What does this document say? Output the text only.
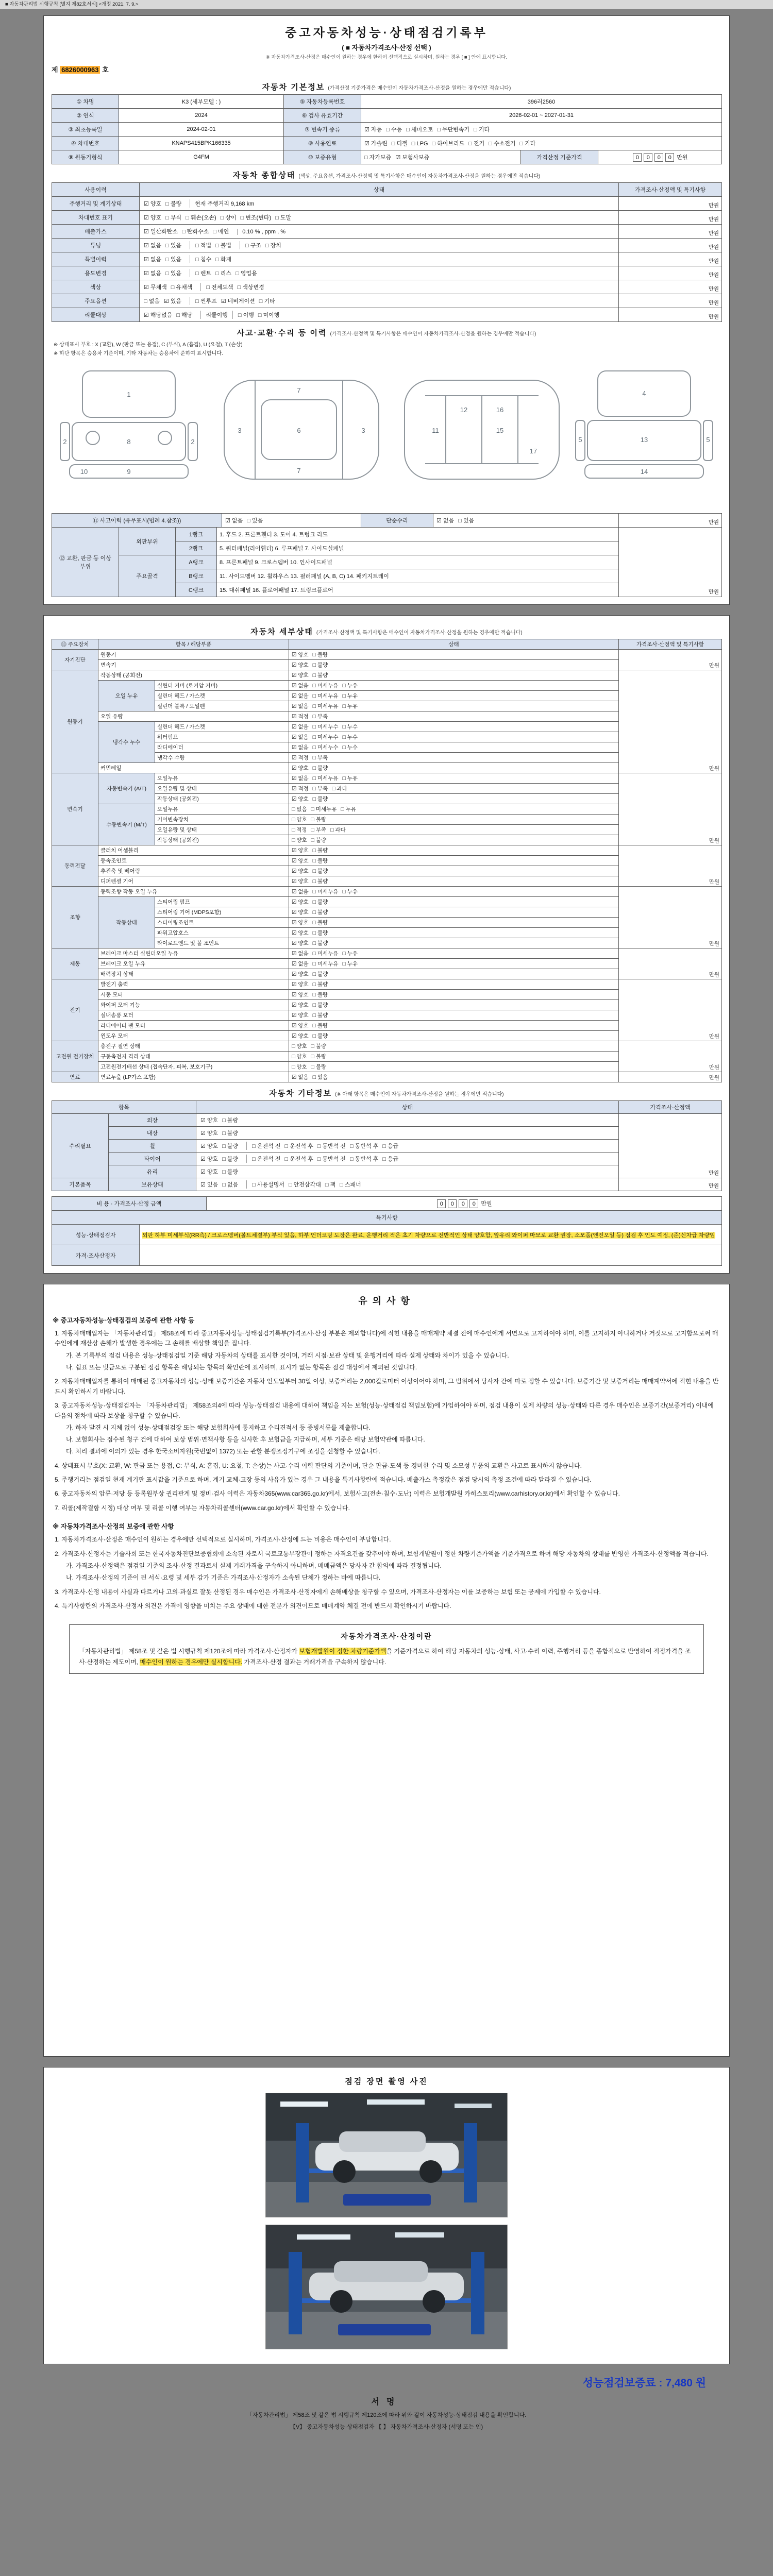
■ 자동차관리법 시행규칙 [별지 제82호서식] <개정 2021. 7. 9.>
중고자동차성능·상태점검기록부
( ■ 자동차가격조사·산정 선택 )
※ 자동차가격조사·산정은 매수인이 원하는 경우에 한하여 선택적으로 실시하며, 원하는 경우 [ ■ ] 안에 표시합니다.
제 6826000963 호
자동차 기본정보 (가격산정 기준가격은 매수인이 자동차가격조사·산정을 원하는 경우에만 적습니다)
① 차명	K3 (세부모델 : )	⑤ 자동차등록번호	396러2560		
② 연식	2024	⑥ 검사 유효기간	2026-02-01 ~ 2027-01-31		
③ 최초등록일	2024-02-01	⑦ 변속기 종류	☑ 자동 □ 수동 □ 세미오토 □ 무단변속기 □ 기타		
④ 차대번호	KNAPS415BPK166335	⑧ 사용연료	☑ 가솔린 □ 디젤 □ LPG □ 하이브리드 □ 전기 □ 수소전기 □ 기타		
⑨ 원동기형식	G4FM	⑩ 보증유형	□ 자가보증 ☑ 보험사보증	가격산정 기준가격	0 0 0 0 만원
자동차 종합상태 (색상, 주요옵션, 가격조사·산정액 및 특기사항은 매수인이 자동차가격조사·산정을 원하는 경우에만 적습니다)
사용이력	상태	가격조사·산정액 및 특기사항
주행거리 및 계기상태	☑ 양호 □ 불량 현재 주행거리 9,168 km	만원
차대번호 표기	☑ 양호 □ 부식 □ 훼손(오손) □ 상이 □ 변조(변타) □ 도말	만원
배출가스	☑ 일산화탄소 □ 탄화수소 □ 매연 0.10 % , ppm , %	만원
튜닝	☑ 없음 □ 있음 □ 적법 □ 불법 □ 구조 □ 장치	만원
특별이력	☑ 없음 □ 있음 □ 침수 □ 화재	만원
용도변경	☑ 없음 □ 있음 □ 렌트 □ 리스 □ 영업용	만원
색상	☑ 무채색 □ 유채색 □ 전체도색 □ 색상변경	만원
주요옵션	□ 없음 ☑ 있음 □ 썬루프 ☑ 네비게이션 □ 기타	만원
리콜대상	☑ 해당없음 □ 해당 리콜이행 □ 이행 □ 미이행	만원
사고·교환·수리 등 이력 (가격조사·산정액 및 특기사항은 매수인이 자동차가격조사·산정을 원하는 경우에만 적습니다)
※ 상태표시 부호 : X (교환), W (판금 또는 용접), C (부식), A (흠집), U (요철), T (손상)
※ 하단 항목은 승용차 기준이며, 기타 자동차는 승용차에 준하여 표시합니다.
1
2	2
8
9
10
6
3	3
7
7
11
12
15
16
17
4
5	5
13
14
⑪ 사고이력 (유무표시(범례 4.참조))	☑ 없음 □ 있음	단순수리	☑ 없음 □ 있음	만원
⑫ 교환, 판금 등 이상 부위	외판부위	1랭크	1. 후드 2. 프론트휀더 3. 도어 4. 트렁크 리드	만원
		2랭크	5. 쿼터패널(리어휀더) 6. 루프패널 7. 사이드실패널	
	주요골격	A랭크	8. 프론트패널 9. 크로스멤버 10. 인사이드패널	
		B랭크	11. 사이드멤버 12. 휠하우스 13. 필러패널 (A, B, C) 14. 패키지트레이	
		C랭크	15. 대쉬패널 16. 플로어패널 17. 트렁크플로어	
자동차 세부상태 (가격조사·산정액 및 특기사항은 매수인이 자동차가격조사·산정을 원하는 경우에만 적습니다)
⑬ 주요장치	항목 / 해당부품		상태	가격조사·산정액 및 특기사항
자기진단	원동기		☑ 양호 □ 불량	만원
	변속기		☑ 양호 □ 불량	
원동기	작동상태 (공회전)		☑ 양호 □ 불량	만원
	오일 누유	실린더 커버 (로커암 커버)	☑ 없음 □ 미세누유 □ 누유	
		실린더 헤드 / 가스켓	☑ 없음 □ 미세누유 □ 누유	
		실린더 블록 / 오일팬	☑ 없음 □ 미세누유 □ 누유	
	오일 유량		☑ 적정 □ 부족	
	냉각수 누수	실린더 헤드 / 가스켓	☑ 없음 □ 미세누수 □ 누수	
		워터펌프	☑ 없음 □ 미세누수 □ 누수	
		라디에이터	☑ 없음 □ 미세누수 □ 누수	
		냉각수 수량	☑ 적정 □ 부족	
	커먼레일		☑ 양호 □ 불량	
변속기	자동변속기 (A/T)	오일누유	☑ 없음 □ 미세누유 □ 누유	만원
		오일유량 및 상태	☑ 적정 □ 부족 □ 과다	
		작동상태 (공회전)	☑ 양호 □ 불량	
	수동변속기 (M/T)	오일누유	□ 없음 □ 미세누유 □ 누유	
		기어변속장치	□ 양호 □ 불량	
		오일유량 및 상태	□ 적정 □ 부족 □ 과다	
		작동상태 (공회전)	□ 양호 □ 불량	
동력전달	클러치 어셈블리		☑ 양호 □ 불량	만원
	등속조인트		☑ 양호 □ 불량	
	추진축 및 베어링		☑ 양호 □ 불량	
	디퍼렌셜 기어		☑ 양호 □ 불량	
조향	동력조향 작동 오일 누유		☑ 없음 □ 미세누유 □ 누유	만원
	작동상태	스티어링 펌프	☑ 양호 □ 불량	
		스티어링 기어 (MDPS포함)	☑ 양호 □ 불량	
		스티어링조인트	☑ 양호 □ 불량	
		파워고압호스	☑ 양호 □ 불량	
		타이로드엔드 및 볼 조인트	☑ 양호 □ 불량	
제동	브레이크 마스터 실린더오일 누유		☑ 없음 □ 미세누유 □ 누유	만원
	브레이크 오일 누유		☑ 없음 □ 미세누유 □ 누유	
	배력장치 상태		☑ 양호 □ 불량	
전기	발전기 출력		☑ 양호 □ 불량	만원
	시동 모터		☑ 양호 □ 불량	
	와이퍼 모터 기능		☑ 양호 □ 불량	
	실내송풍 모터		☑ 양호 □ 불량	
	라디에이터 팬 모터		☑ 양호 □ 불량	
	윈도우 모터		☑ 양호 □ 불량	
고전원 전기장치	충전구 절연 상태		□ 양호 □ 불량	만원
	구동축전지 격리 상태		□ 양호 □ 불량	
	고전원전기배선 상태 (접속단자, 피복, 보호기구)		□ 양호 □ 불량	
연료	연료누출 (LP가스 포함)		☑ 없음 □ 있음	만원
자동차 기타정보 (※ 아래 항목은 매수인이 자동차가격조사·산정을 원하는 경우에만 적습니다)
항목		상태	가격조사·산정액
수리필요	외장	☑ 양호 □ 불량	만원
	내장	☑ 양호 □ 불량	
	휠	☑ 양호 □ 불량 □ 운전석 전 □ 운전석 후 □ 동반석 전 □ 동반석 후 □ 응급	
	타이어	☑ 양호 □ 불량 □ 운전석 전 □ 운전석 후 □ 동반석 전 □ 동반석 후 □ 응급	
	유리	☑ 양호 □ 불량	
기본품목	보유상태	☑ 있음 □ 없음 □ 사용설명서 □ 안전삼각대 □ 잭 □ 스패너	만원
비 용 · 가격조사·산정 금액	0 0 0 0 만원
특기사항	
성능·상태점검자	외판 하부 미세부식(RR측) / 크로스멤버(볼트체결부) 부식 있음, 하부 언더코팅 도장은 완료, 운행거리 적은 초기 차량으로 전반적인 상태 양호함, 앞유리 와이퍼 마모로 교환 권장, 소모품(엔진오일 등) 점검 후 인도 예정, (준)신차급 차량임
가격·조사산정자	
유의사항
※ 중고자동차성능·상태점검의 보증에 관한 사항 등
1. 자동차매매업자는 「자동차관리법」 제58조에 따라 중고자동차성능·상태점검기록부(가격조사·산정 부분은 제외합니다)에 적힌 내용을 매매계약 체결 전에 매수인에게 서면으로 고지하여야 하며, 이를 고지하지 아니하거나 거짓으로 고지함으로써 매수인에게 재산상 손해가 발생한 경우에는 그 손해를 배상할 책임을 집니다.
가. 본 기록부의 점검 내용은 성능·상태점검일 기준 해당 자동차의 상태를 표시한 것이며, 거래 시점·보관 상태 및 운행거리에 따라 실제 상태와 차이가 있을 수 있습니다.
나. 쉼표 또는 빗금으로 구분된 점검 항목은 해당되는 항목의 확인란에 표시하며, 표시가 없는 항목은 점검 대상에서 제외된 것입니다.
2. 자동차매매업자를 통하여 매매된 중고자동차의 성능·상태 보증기간은 자동차 인도일부터 30일 이상, 보증거리는 2,000킬로미터 이상이어야 하며, 그 범위에서 당사자 간에 따로 정할 수 있습니다. 보증기간 및 보증거리는 매매계약서에 적힌 내용을 반드시 확인하시기 바랍니다.
3. 중고자동차성능·상태점검자는 「자동차관리법」 제58조의4에 따라 성능·상태점검 내용에 대하여 책임을 지는 보험(성능·상태점검 책임보험)에 가입하여야 하며, 점검 내용이 실제 차량의 성능·상태와 다른 경우 매수인은 보증기간(보증거리) 이내에 다음의 절차에 따라 보상을 청구할 수 있습니다.
가. 하자 발견 시 지체 없이 성능·상태점검장 또는 해당 보험회사에 통지하고 수리견적서 등 증빙서류를 제출합니다.
나. 보험회사는 접수된 청구 건에 대하여 보상 범위·면책사항 등을 심사한 후 보험금을 지급하며, 세부 기준은 해당 보험약관에 따릅니다.
다. 처리 결과에 이의가 있는 경우 한국소비자원(국번없이 1372) 또는 관할 분쟁조정기구에 조정을 신청할 수 있습니다.
4. 상태표시 부호(X: 교환, W: 판금 또는 용접, C: 부식, A: 흠집, U: 요철, T: 손상)는 사고·수리 이력 판단의 기준이며, 단순 판금·도색 등 경미한 수리 및 소모성 부품의 교환은 사고로 표시하지 않습니다.
5. 주행거리는 점검일 현재 계기판 표시값을 기준으로 하며, 계기 교체·고장 등의 사유가 있는 경우 그 내용을 특기사항란에 적습니다. 배출가스 측정값은 점검 당시의 측정 조건에 따라 달라질 수 있습니다.
6. 중고자동차의 압류·저당 등 등록원부상 권리관계 및 정비·검사 이력은 자동차365(www.car365.go.kr)에서, 보험사고(전손·침수·도난) 이력은 보험개발원 카히스토리(www.carhistory.or.kr)에서 확인할 수 있습니다.
7. 리콜(제작결함 시정) 대상 여부 및 리콜 이행 여부는 자동차리콜센터(www.car.go.kr)에서 확인할 수 있습니다.
※ 자동차가격조사·산정의 보증에 관한 사항
1. 자동차가격조사·산정은 매수인이 원하는 경우에만 선택적으로 실시하며, 가격조사·산정에 드는 비용은 매수인이 부담합니다.
2. 가격조사·산정자는 기술사회 또는 한국자동차진단보증협회에 소속된 자로서 국토교통부장관이 정하는 자격요건을 갖추어야 하며, 보험개발원이 정한 차량기준가액을 기준가격으로 하여 해당 자동차의 상태를 반영한 가격조사·산정액을 적습니다.
가. 가격조사·산정액은 점검일 기준의 조사·산정 결과로서 실제 거래가격을 구속하지 아니하며, 매매금액은 당사자 간 합의에 따라 결정됩니다.
나. 가격조사·산정의 기준이 된 서식·요령 및 세부 감가 기준은 가격조사·산정자가 소속된 단체가 정하는 바에 따릅니다.
3. 가격조사·산정 내용이 사실과 다르거나 고의·과실로 잘못 산정된 경우 매수인은 가격조사·산정자에게 손해배상을 청구할 수 있으며, 가격조사·산정자는 이를 보증하는 보험 또는 공제에 가입할 수 있습니다.
4. 특기사항란의 가격조사·산정자 의견은 가격에 영향을 미치는 주요 상태에 대한 전문가 의견이므로 매매계약 체결 전에 반드시 확인하시기 바랍니다.
자동차가격조사·산정이란
「자동차관리법」 제58조 및 같은 법 시행규칙 제120조에 따라 가격조사·산정자가 보험개발원이 정한 차량기준가액을 기준가격으로 하여 해당 자동차의 성능·상태, 사고·수리 이력, 주행거리 등을 종합적으로 반영하여 적정가격을 조사·산정하는 제도이며, 매수인이 원하는 경우에만 실시합니다. 가격조사·산정 결과는 거래가격을 구속하지 않습니다.
점검 장면 촬영 사진
성능점검보증료 : 7,480 원
서명
「자동차관리법」 제58조 및 같은 법 시행규칙 제120조에 따라 위와 같이 자동차성능·상태점검 내용을 확인합니다.
【V】 중고자동차성능·상태점검자 【 】 자동차가격조사·산정자 (서명 또는 인)
